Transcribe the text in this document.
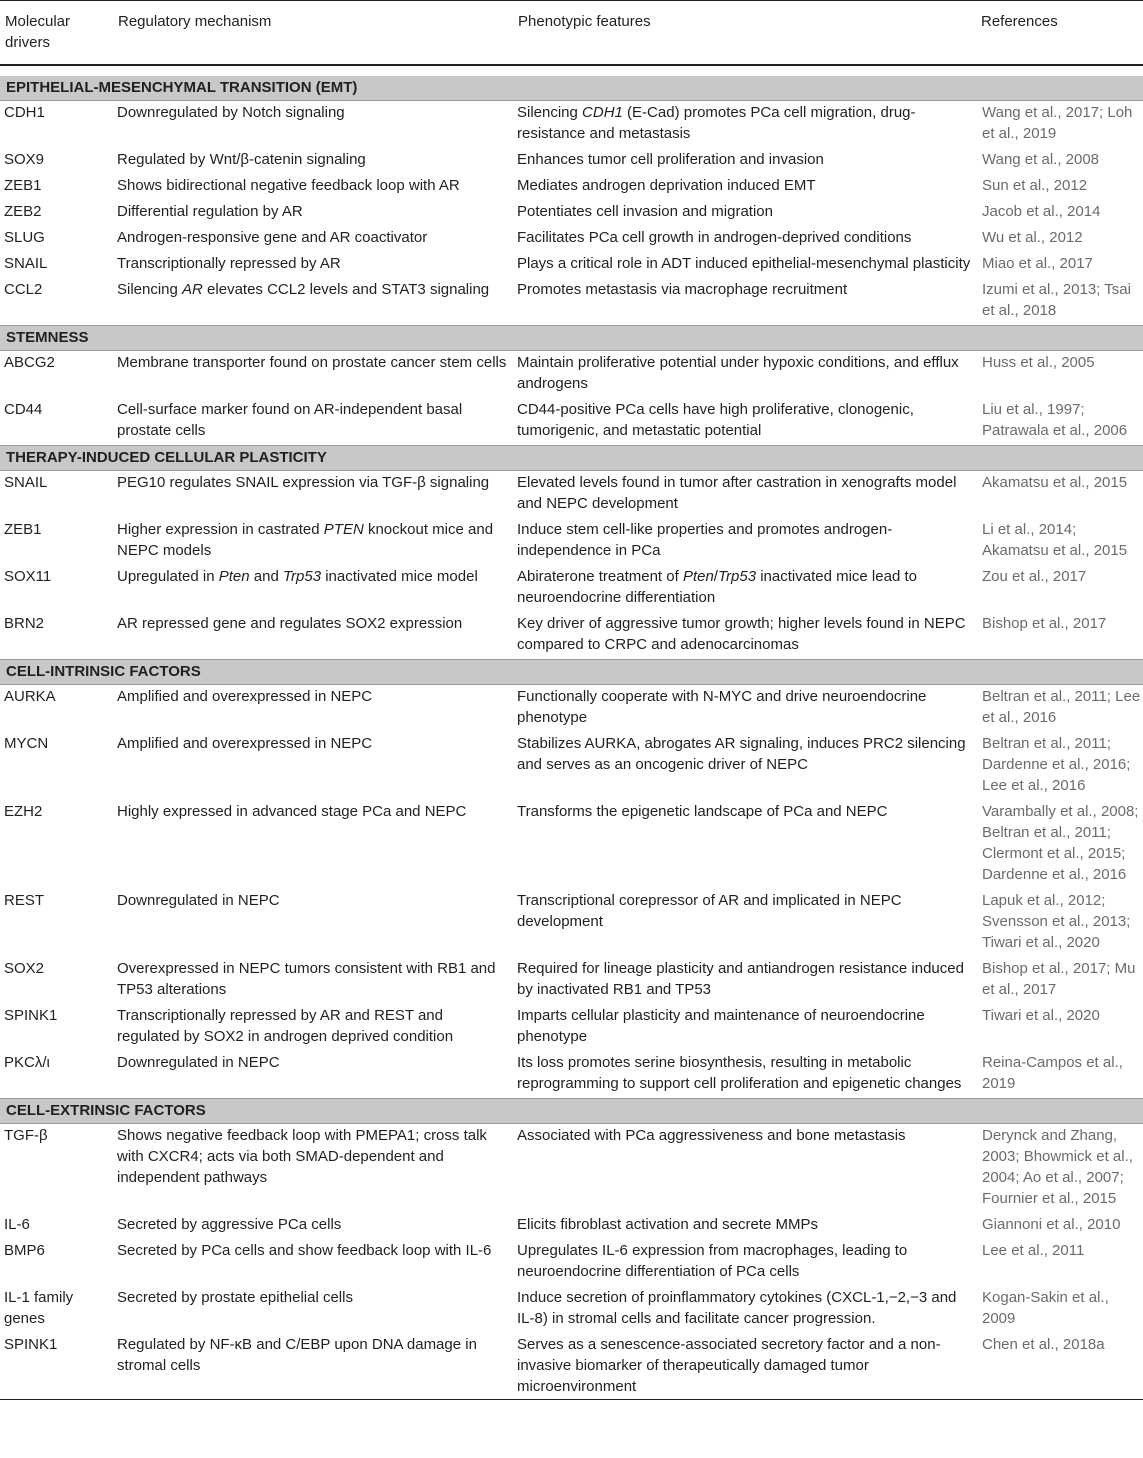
Molecular drivers	Regulatory mechanism	Phenotypic features	References

EPITHELIAL-MESENCHYMAL TRANSITION (EMT)			
CDH1	Downregulated by Notch signaling	Silencing CDH1 (E-Cad) promotes PCa cell migration, drug-resistance and metastasis	Wang et al., 2017; Loh et al., 2019
SOX9	Regulated by Wnt/β-catenin signaling	Enhances tumor cell proliferation and invasion	Wang et al., 2008
ZEB1	Shows bidirectional negative feedback loop with AR	Mediates androgen deprivation induced EMT	Sun et al., 2012
ZEB2	Differential regulation by AR	Potentiates cell invasion and migration	Jacob et al., 2014
SLUG	Androgen-responsive gene and AR coactivator	Facilitates PCa cell growth in androgen-deprived conditions	Wu et al., 2012
SNAIL	Transcriptionally repressed by AR	Plays a critical role in ADT induced epithelial-mesenchymal plasticity	Miao et al., 2017
CCL2	Silencing AR elevates CCL2 levels and STAT3 signaling	Promotes metastasis via macrophage recruitment	Izumi et al., 2013; Tsai et al., 2018
STEMNESS			
ABCG2	Membrane transporter found on prostate cancer stem cells	Maintain proliferative potential under hypoxic conditions, and efflux androgens	Huss et al., 2005
CD44	Cell-surface marker found on AR-independent basal prostate cells	CD44-positive PCa cells have high proliferative, clonogenic, tumorigenic, and metastatic potential	Liu et al., 1997; Patrawala et al., 2006
THERAPY-INDUCED CELLULAR PLASTICITY			
SNAIL	PEG10 regulates SNAIL expression via TGF-β signaling	Elevated levels found in tumor after castration in xenografts model and NEPC development	Akamatsu et al., 2015
ZEB1	Higher expression in castrated PTEN knockout mice and NEPC models	Induce stem cell-like properties and promotes androgen-independence in PCa	Li et al., 2014; Akamatsu et al., 2015
SOX11	Upregulated in Pten and Trp53 inactivated mice model	Abiraterone treatment of Pten/Trp53 inactivated mice lead to neuroendocrine differentiation	Zou et al., 2017
BRN2	AR repressed gene and regulates SOX2 expression	Key driver of aggressive tumor growth; higher levels found in NEPC compared to CRPC and adenocarcinomas	Bishop et al., 2017
CELL-INTRINSIC FACTORS			
AURKA	Amplified and overexpressed in NEPC	Functionally cooperate with N-MYC and drive neuroendocrine phenotype	Beltran et al., 2011; Lee et al., 2016
MYCN	Amplified and overexpressed in NEPC	Stabilizes AURKA, abrogates AR signaling, induces PRC2 silencing and serves as an oncogenic driver of NEPC	Beltran et al., 2011; Dardenne et al., 2016; Lee et al., 2016
EZH2	Highly expressed in advanced stage PCa and NEPC	Transforms the epigenetic landscape of PCa and NEPC	Varambally et al., 2008; Beltran et al., 2011; Clermont et al., 2015; Dardenne et al., 2016
REST	Downregulated in NEPC	Transcriptional corepressor of AR and implicated in NEPC development	Lapuk et al., 2012; Svensson et al., 2013; Tiwari et al., 2020
SOX2	Overexpressed in NEPC tumors consistent with RB1 and TP53 alterations	Required for lineage plasticity and antiandrogen resistance induced by inactivated RB1 and TP53	Bishop et al., 2017; Mu et al., 2017
SPINK1	Transcriptionally repressed by AR and REST and regulated by SOX2 in androgen deprived condition	Imparts cellular plasticity and maintenance of neuroendocrine phenotype	Tiwari et al., 2020
PKCλ/ι	Downregulated in NEPC	Its loss promotes serine biosynthesis, resulting in metabolic reprogramming to support cell proliferation and epigenetic changes	Reina-Campos et al., 2019
CELL-EXTRINSIC FACTORS			
TGF-β	Shows negative feedback loop with PMEPA1; cross talk with CXCR4; acts via both SMAD-dependent and independent pathways	Associated with PCa aggressiveness and bone metastasis	Derynck and Zhang, 2003; Bhowmick et al., 2004; Ao et al., 2007; Fournier et al., 2015
IL-6	Secreted by aggressive PCa cells	Elicits fibroblast activation and secrete MMPs	Giannoni et al., 2010
BMP6	Secreted by PCa cells and show feedback loop with IL-6	Upregulates IL-6 expression from macrophages, leading to neuroendocrine differentiation of PCa cells	Lee et al., 2011
IL-1 family genes	Secreted by prostate epithelial cells	Induce secretion of proinflammatory cytokines (CXCL-1,−2,−3 and IL-8) in stromal cells and facilitate cancer progression.	Kogan-Sakin et al., 2009
SPINK1	Regulated by NF-κB and C/EBP upon DNA damage in stromal cells	Serves as a senescence-associated secretory factor and a non-invasive biomarker of therapeutically damaged tumor microenvironment	Chen et al., 2018a
